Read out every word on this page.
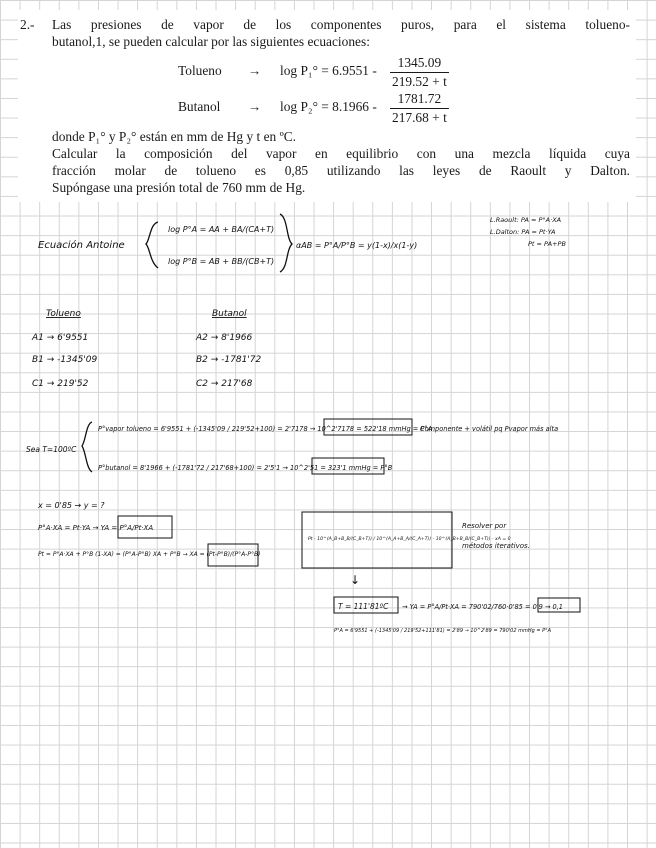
2.- Las presiones de vapor de los componentes puros, para el sistema tolueno-

butanol,1, se pueden calcular por las siguientes ecuaciones:

Tolueno → $\log P_1^\circ = 6.9551 - \frac{1345.09}{219.52 + t}$
Butanol → $\log P_2^\circ = 8.1966 - \frac{1781.72}{217.68 + t}$

donde P₁° y P₂° están en mm de Hg y t en ºC.

Calcular la composición del vapor en equilibrio con una mezcla líquida cuya

fracción molar de tolueno es 0,85 utilizando las leyes de Raoult y Dalton.

Supóngase una presión total de 760 mm de Hg.

Ecuación Antoine
log P°A = AA + BA/(CA+T)
log P°B = AB + BB/(CB+T)
αAB = P°A/P°B = y(1-x)/x(1-y)
L.Raoult: PA = P°A·XA
L.Dalton: PA = Pt·YA
Pt = PA+PB
Tolueno	Butanol
A1 → 6'9551
B1 → -1345'09
C1 → 219'52
A2 → 8'1966
B2 → -1781'72
C2 → 217'68
Sea T=100ºC
P°vapor tolueno = 6'9551 + (-1345'09 / 219'52+100) = 2'7178 → 10^2'7178 = 522'18 mmHg = P°A
Componente + volátil pq Pvapor más alta
P°butanol = 8'1966 + (-1781'72 / 217'68+100) = 2'5'1 → 10^2'51 = 323'1 mmHg = P°B
x = 0'85 → y = ?
P°A·XA = Pt·YA → YA = P°A/Pt·XA
Pt = P°A·XA + P°B (1-XA) = (P°A-P°B) XA + P°B → XA = (Pt-P°B)/(P°A-P°B)
Pt - 10^(A_B+B_B/(C_B+T)) / 10^(A_A+B_A/(C_A+T)) - 10^(A_B+B_B/(C_B+T)) - xA = 0
Resolver por
métodos iterativos.
↓
T = 111'81ºC → YA = P°A/Pt·XA = 790'02/760·0'85 = 0'9 → 0,1
P°A = 6'9551 + (-1345'09 / 219'52+111'81) = 2'89 → 10^2'89 = 790'02 mmHg = P°A
